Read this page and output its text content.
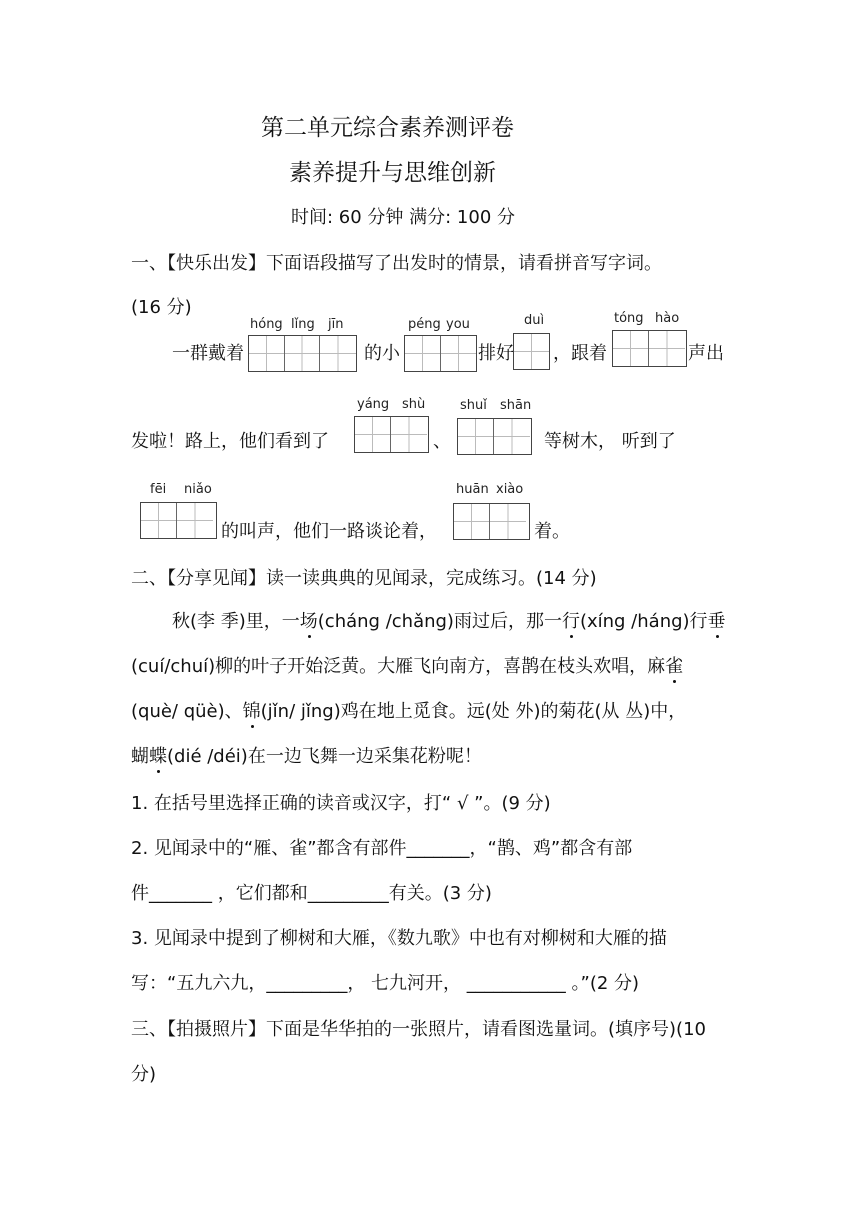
第二单元综合素养测评卷
素养提升与思维创新
时间: 60 分钟 满分: 100 分
一、【快乐出发】下面语段描写了出发时的情景，请看拼音写字词。
(16 分)
一群戴着
hóng lǐng jīn
的小
péng you
排好
duì
，跟着
tóng hào
声出
发啦！路上，他们看到了
yáng shù
、
shuǐ shān
等树木， 听到了
fēi niǎo
的叫声，他们一路谈论着，
huān xiào
着。
二、【分享见闻】读一读典典的见闻录，完成练习。(14 分)
秋(李 季)里，一场(cháng /chǎng)雨过后，那一行(xíng /háng)行垂
(cuí/chuí)柳的叶子开始泛黄。大雁飞向南方，喜鹊在枝头欢唱，麻雀
(què/ qüè)、锦(jǐn/ jǐng)鸡在地上觅食。远(处 外)的菊花(从 丛)中，
蝴蝶(dié /déi)在一边飞舞一边采集花粉呢！
1. 在括号里选择正确的读音或汉字，打“ √ ”。(9 分)
2. 见闻录中的“雁、雀”都含有部件_______，“鹊、鸡”都含有部
件_______ ，它们都和_________有关。(3 分)
3. 见闻录中提到了柳树和大雁，《数九歌》中也有对柳树和大雁的描
写：“五九六九，_________， 七九河开， ___________ 。”(2 分)
三、【拍摄照片】下面是华华拍的一张照片，请看图选量词。(填序号)(10
分)
